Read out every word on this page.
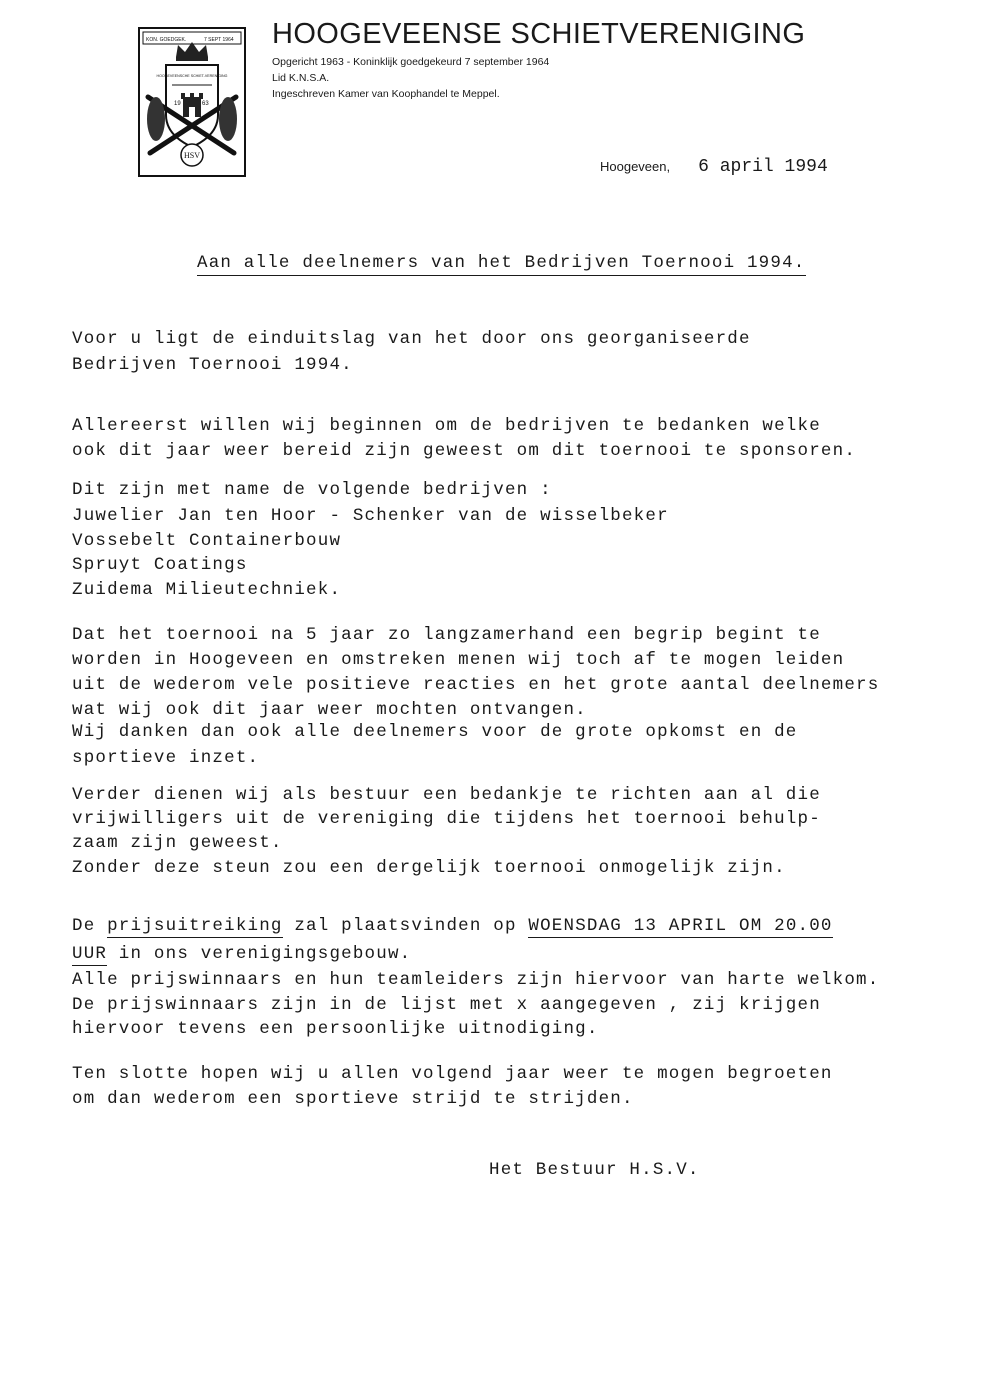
KON. GOEDGEK.	7 SEPT 1964
HOOGEVEENSCHE SCHIET-VERENIGING
19	63
HSV
HOOGEVEENSE SCHIETVERENIGING
Opgericht 1963 - Koninklijk goedgekeurd 7 september 1964
Lid K.N.S.A.
Ingeschreven Kamer van Koophandel te Meppel.
Hoogeveen, 6 april 1994
Aan alle deelnemers van het Bedrijven Toernooi 1994.
Voor u ligt de einduitslag van het door ons georganiseerde
Bedrijven Toernooi 1994.
Allereerst willen wij beginnen om de bedrijven te bedanken welke
ook dit jaar weer bereid zijn geweest om dit toernooi te sponsoren.
Dit zijn met name de volgende bedrijven :
Juwelier Jan ten Hoor - Schenker van de wisselbeker
Vossebelt Containerbouw
Spruyt Coatings
Zuidema Milieutechniek.
Dat het toernooi na 5 jaar zo langzamerhand een begrip begint te
worden in Hoogeveen en omstreken menen wij toch af te mogen leiden
uit de wederom vele positieve reacties en het grote aantal deelnemers
wat wij ook dit jaar weer mochten ontvangen.
Wij danken dan ook alle deelnemers voor de grote opkomst en de
sportieve inzet.
Verder dienen wij als bestuur een bedankje te richten aan al die
vrijwilligers uit de vereniging die tijdens het toernooi behulp-
zaam zijn geweest.
Zonder deze steun zou een dergelijk toernooi onmogelijk zijn.
De prijsuitreiking zal plaatsvinden op WOENSDAG 13 APRIL OM 20.00
UUR in ons verenigingsgebouw.
Alle prijswinnaars en hun teamleiders zijn hiervoor van harte welkom.
De prijswinnaars zijn in de lijst met x aangegeven , zij krijgen
hiervoor tevens een persoonlijke uitnodiging.
Ten slotte hopen wij u allen volgend jaar weer te mogen begroeten
om dan wederom een sportieve strijd te strijden.
Het Bestuur H.S.V.
